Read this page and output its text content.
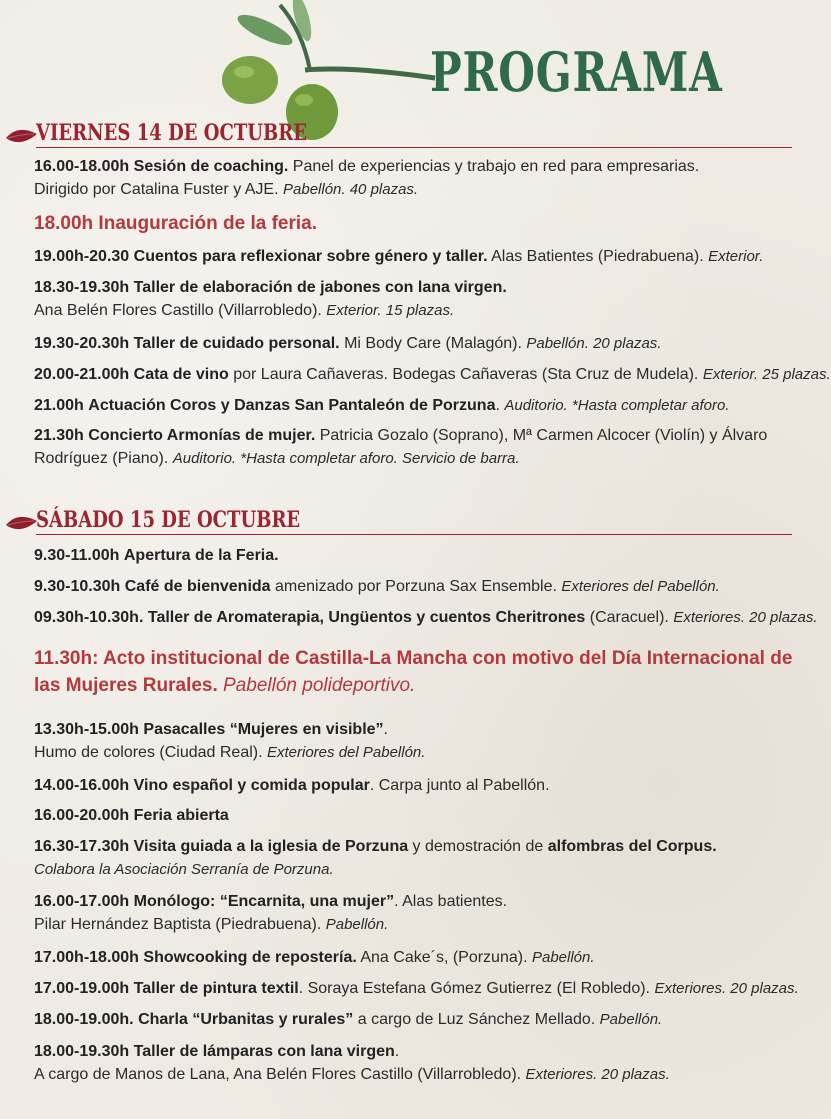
PROGRAMA
VIERNES 14 DE OCTUBRE
16.00-18.00h Sesión de coaching. Panel de experiencias y trabajo en red para empresarias.
Dirigido por Catalina Fuster y AJE. Pabellón. 40 plazas.
18.00h Inauguración de la feria.
19.00h-20.30 Cuentos para reflexionar sobre género y taller. Alas Batientes (Piedrabuena). Exterior.
18.30-19.30h Taller de elaboración de jabones con lana virgen.
Ana Belén Flores Castillo (Villarrobledo). Exterior. 15 plazas.
19.30-20.30h Taller de cuidado personal. Mi Body Care (Malagón). Pabellón. 20 plazas.
20.00-21.00h Cata de vino por Laura Cañaveras. Bodegas Cañaveras (Sta Cruz de Mudela). Exterior. 25 plazas.
21.00h Actuación Coros y Danzas San Pantaleón de Porzuna. Auditorio. *Hasta completar aforo.
21.30h Concierto Armonías de mujer. Patricia Gozalo (Soprano), Mª Carmen Alcocer (Violín) y Álvaro
Rodríguez (Piano). Auditorio. *Hasta completar aforo. Servicio de barra.
SÁBADO 15 DE OCTUBRE
9.30-11.00h Apertura de la Feria.
9.30-10.30h Café de bienvenida amenizado por Porzuna Sax Ensemble. Exteriores del Pabellón.
09.30h-10.30h. Taller de Aromaterapia, Ungüentos y cuentos Cheritrones (Caracuel). Exteriores. 20 plazas.
11.30h: Acto institucional de Castilla-La Mancha con motivo del Día Internacional de
las Mujeres Rurales. Pabellón polideportivo.
13.30h-15.00h Pasacalles “Mujeres en visible”.
Humo de colores (Ciudad Real). Exteriores del Pabellón.
14.00-16.00h Vino español y comida popular. Carpa junto al Pabellón.
16.00-20.00h Feria abierta
16.30-17.30h Visita guiada a la iglesia de Porzuna y demostración de alfombras del Corpus.
Colabora la Asociación Serranía de Porzuna.
16.00-17.00h Monólogo: “Encarnita, una mujer”. Alas batientes.
Pilar Hernández Baptista (Piedrabuena). Pabellón.
17.00h-18.00h Showcooking de repostería. Ana Cake´s, (Porzuna). Pabellón.
17.00-19.00h Taller de pintura textil. Soraya Estefana Gómez Gutierrez (El Robledo). Exteriores. 20 plazas.
18.00-19.00h. Charla “Urbanitas y rurales” a cargo de Luz Sánchez Mellado. Pabellón.
18.00-19.30h Taller de lámparas con lana virgen.
A cargo de Manos de Lana, Ana Belén Flores Castillo (Villarrobledo). Exteriores. 20 plazas.
